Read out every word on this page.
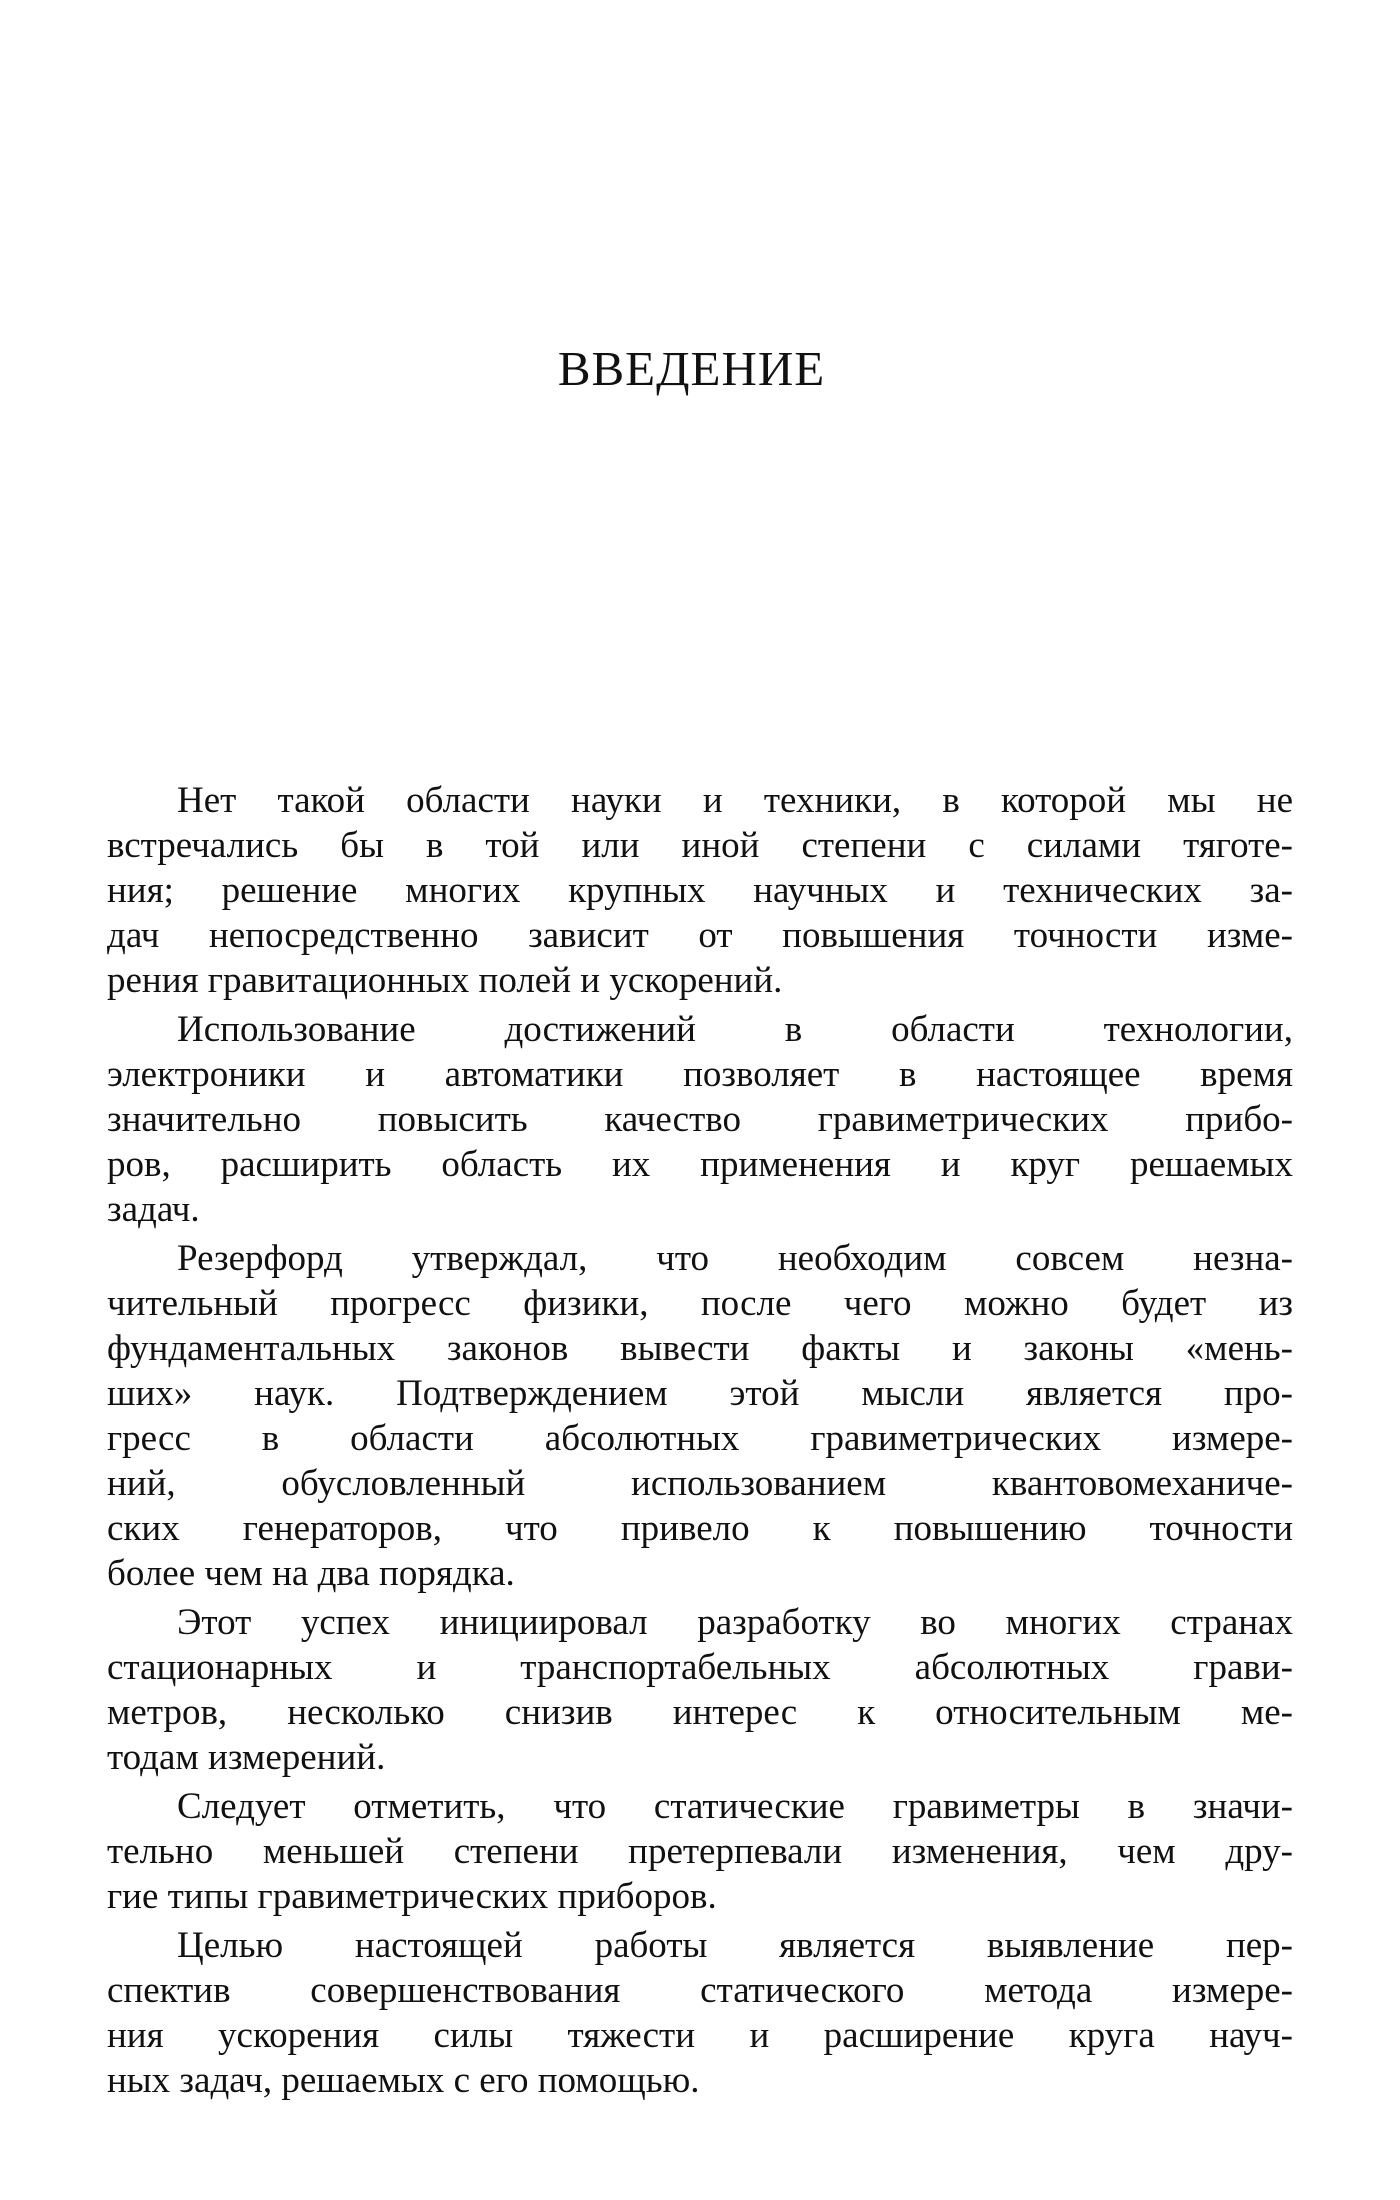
ВВЕДЕНИЕ
Нет такой области науки и техники, в которой мы не
встречались бы в той или иной степени с силами тяготе-
ния; решение многих крупных научных и технических за-
дач непосредственно зависит от повышения точности изме-
рения гравитационных полей и ускорений.
Использование достижений в области технологии,
электроники и автоматики позволяет в настоящее время
значительно повысить качество гравиметрических прибо-
ров, расширить область их применения и круг решаемых
задач.
Резерфорд утверждал, что необходим совсем незна-
чительный прогресс физики, после чего можно будет из
фундаментальных законов вывести факты и законы «мень-
ших» наук. Подтверждением этой мысли является про-
гресс в области абсолютных гравиметрических измере-
ний, обусловленный использованием квантовомеханиче-
ских генераторов, что привело к повышению точности
более чем на два порядка.
Этот успех инициировал разработку во многих странах
стационарных и транспортабельных абсолютных грави-
метров, несколько снизив интерес к относительным ме-
тодам измерений.
Следует отметить, что статические гравиметры в значи-
тельно меньшей степени претерпевали изменения, чем дру-
гие типы гравиметрических приборов.
Целью настоящей работы является выявление пер-
спектив совершенствования статического метода измере-
ния ускорения силы тяжести и расширение круга науч-
ных задач, решаемых с его помощью.
